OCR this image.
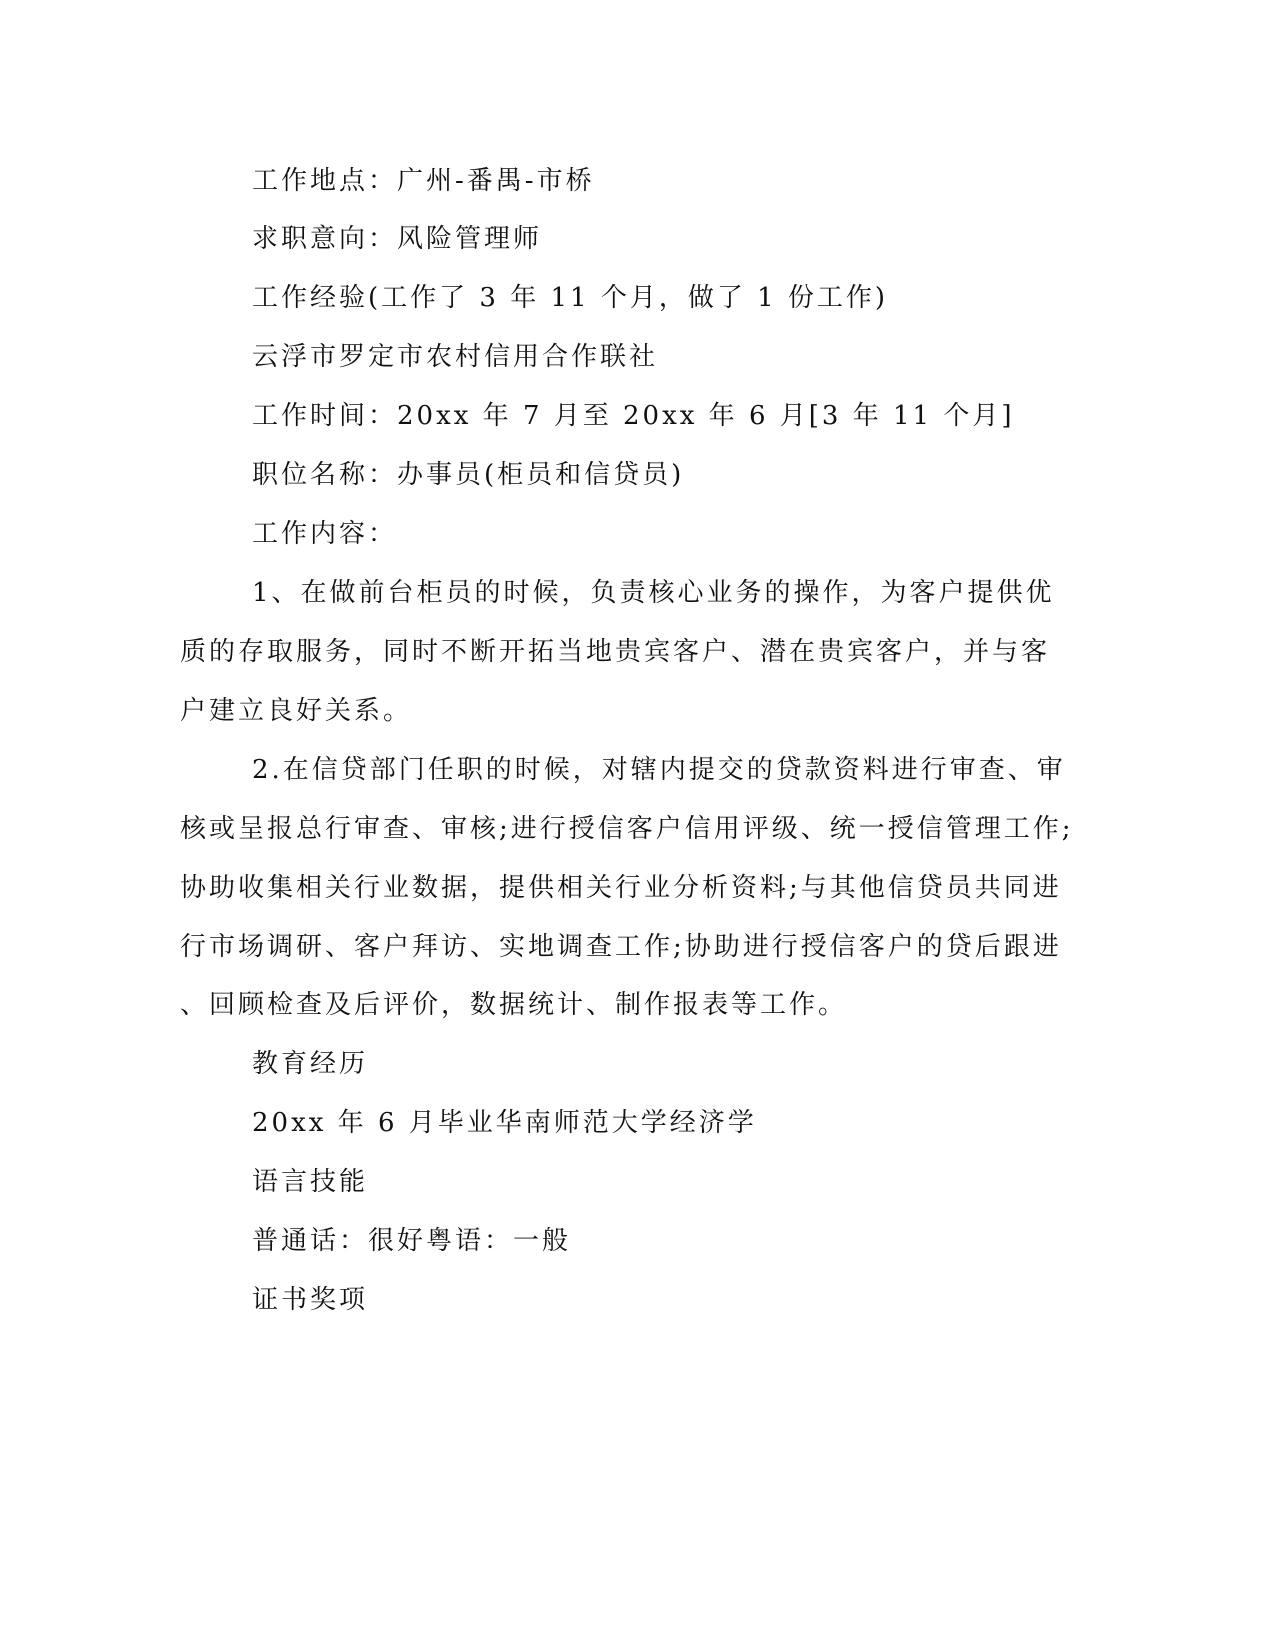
工作地点：广州-番禺-市桥
求职意向：风险管理师
工作经验(工作了 3 年 11 个月，做了 1 份工作)
云浮市罗定市农村信用合作联社
工作时间：20xx 年 7 月至 20xx 年 6 月[3 年 11 个月]
职位名称：办事员(柜员和信贷员)
工作内容：
1、在做前台柜员的时候，负责核心业务的操作，为客户提供优
质的存取服务，同时不断开拓当地贵宾客户、潜在贵宾客户，并与客
户建立良好关系。
2.在信贷部门任职的时候，对辖内提交的贷款资料进行审查、审
核或呈报总行审查、审核;进行授信客户信用评级、统一授信管理工作;
协助收集相关行业数据，提供相关行业分析资料;与其他信贷员共同进
行市场调研、客户拜访、实地调查工作;协助进行授信客户的贷后跟进
、回顾检查及后评价，数据统计、制作报表等工作。
教育经历
20xx 年 6 月毕业华南师范大学经济学
语言技能
普通话：很好粤语：一般
证书奖项
